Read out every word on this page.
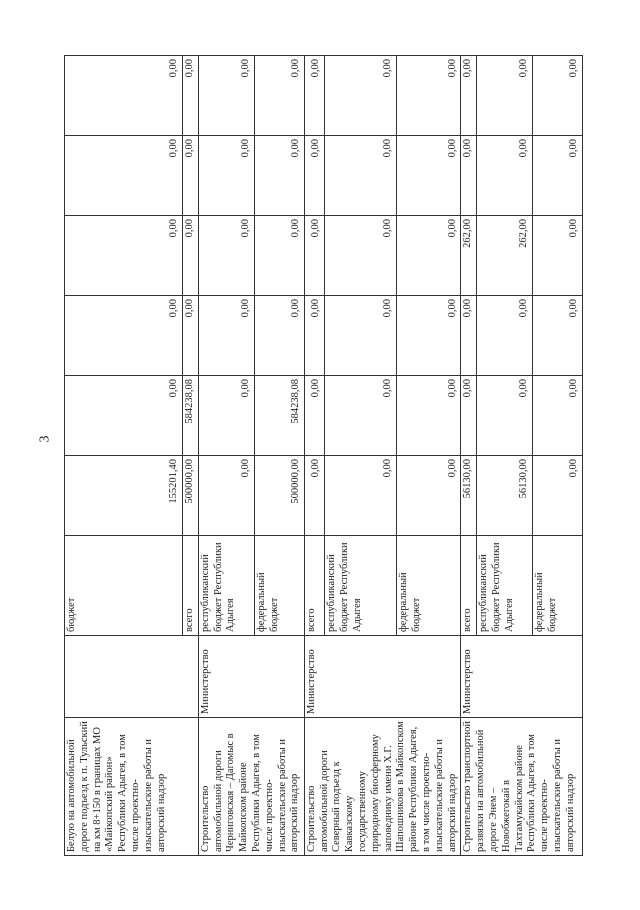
3
Белую на автомобильной дороге подъезд к п. Тульский на км 8+150 в границах МО «Майкопский район» Республики Адыгея, в том числе проектно-изыскательские работы и авторский надзор		бюджет	155201,40	0,00	0,00	0,00	0,00	0,00
		всего	500000,00	584238,08	0,00	0,00	0,00	0,00
Строительство автомобильной дороги Черниговская – Дагомыс в Майкопском районе Республики Адыгея, в том числе проектно-изыскательские работы и авторский надзор	Министерство	республиканский бюджет Республики Адыгея	0,00	0,00	0,00	0,00	0,00	0,00
		федеральный бюджет	500000,00	584238,08	0,00	0,00	0,00	0,00
Строительство автомобильной дороги Северный подъезд к Кавказскому государственному природному биосферному заповеднику имени Х.Г. Шапошникова в Майкопском районе Республики Адыгея, в том числе проектно-изыскательские работы и авторский надзор	Министерство	всего	0,00	0,00	0,00	0,00	0,00	0,00
		республиканский бюджет Республики Адыгея	0,00	0,00	0,00	0,00	0,00	0,00
		федеральный бюджет	0,00	0,00	0,00	0,00	0,00	0,00
Строительство транспортной развязки на автомобильной дороге Энем – Новобжегокай в Тахтамукайском районе Республики Адыгея, в том числе проектно-изыскательские работы и авторский надзор	Министерство	всего	56130,00	0,00	0,00	262,00	0,00	0,00
		республиканский бюджет Республики Адыгея	56130,00	0,00	0,00	262,00	0,00	0,00
		федеральный бюджет	0,00	0,00	0,00	0,00	0,00	0,00
